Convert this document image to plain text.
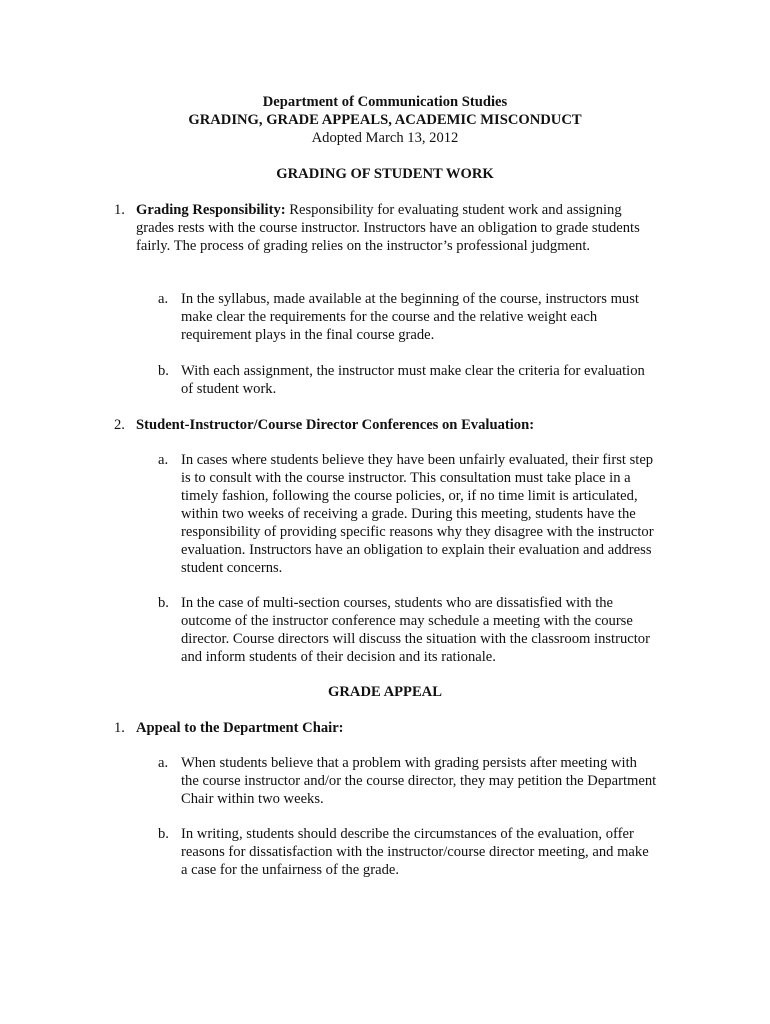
Department of Communication Studies
GRADING, GRADE APPEALS, ACADEMIC MISCONDUCT
Adopted March 13, 2012
GRADING OF STUDENT WORK
1. Grading Responsibility: Responsibility for evaluating student work and assigning grades rests with the course instructor. Instructors have an obligation to grade students fairly. The process of grading relies on the instructor’s professional judgment.
a. In the syllabus, made available at the beginning of the course, instructors must make clear the requirements for the course and the relative weight each requirement plays in the final course grade.
b. With each assignment, the instructor must make clear the criteria for evaluation of student work.
2. Student-Instructor/Course Director Conferences on Evaluation:
a. In cases where students believe they have been unfairly evaluated, their first step is to consult with the course instructor. This consultation must take place in a timely fashion, following the course policies, or, if no time limit is articulated, within two weeks of receiving a grade. During this meeting, students have the responsibility of providing specific reasons why they disagree with the instructor evaluation. Instructors have an obligation to explain their evaluation and address student concerns.
b. In the case of multi-section courses, students who are dissatisfied with the outcome of the instructor conference may schedule a meeting with the course director. Course directors will discuss the situation with the classroom instructor and inform students of their decision and its rationale.
GRADE APPEAL
1. Appeal to the Department Chair:
a. When students believe that a problem with grading persists after meeting with the course instructor and/or the course director, they may petition the Department Chair within two weeks.
b. In writing, students should describe the circumstances of the evaluation, offer reasons for dissatisfaction with the instructor/course director meeting, and make a case for the unfairness of the grade.
